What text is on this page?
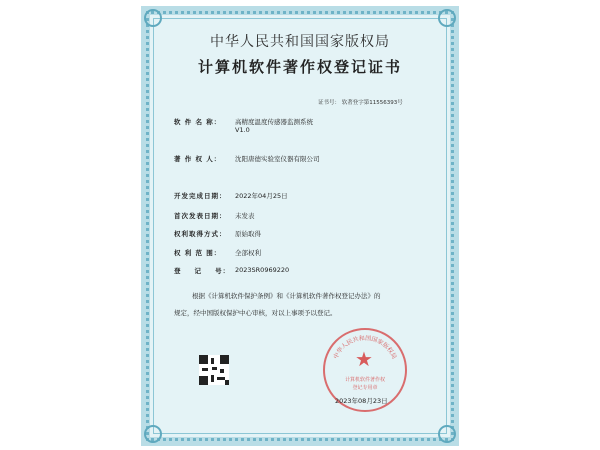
中华人民共和国国家版权局
计算机软件著作权登记证书
证书号： 软著登字第11556393号
软 件 名 称： 高精度温度传感器监测系统
V1.0
著 作 权 人： 沈阳唐德实验室仪器有限公司
开发完成日期： 2022年04月25日
首次发表日期： 未发表
权利取得方式： 原始取得
权 利 范 围： 全部权利
登    记    号： 2023SR0969220
根据《计算机软件保护条例》和《计算机软件著作权登记办法》的
规定，经中国版权保护中心审核，对以上事项予以登记。
中华人民共和国国家版权局
★
计算机软件著作权
登记专用章
2023年08月23日
